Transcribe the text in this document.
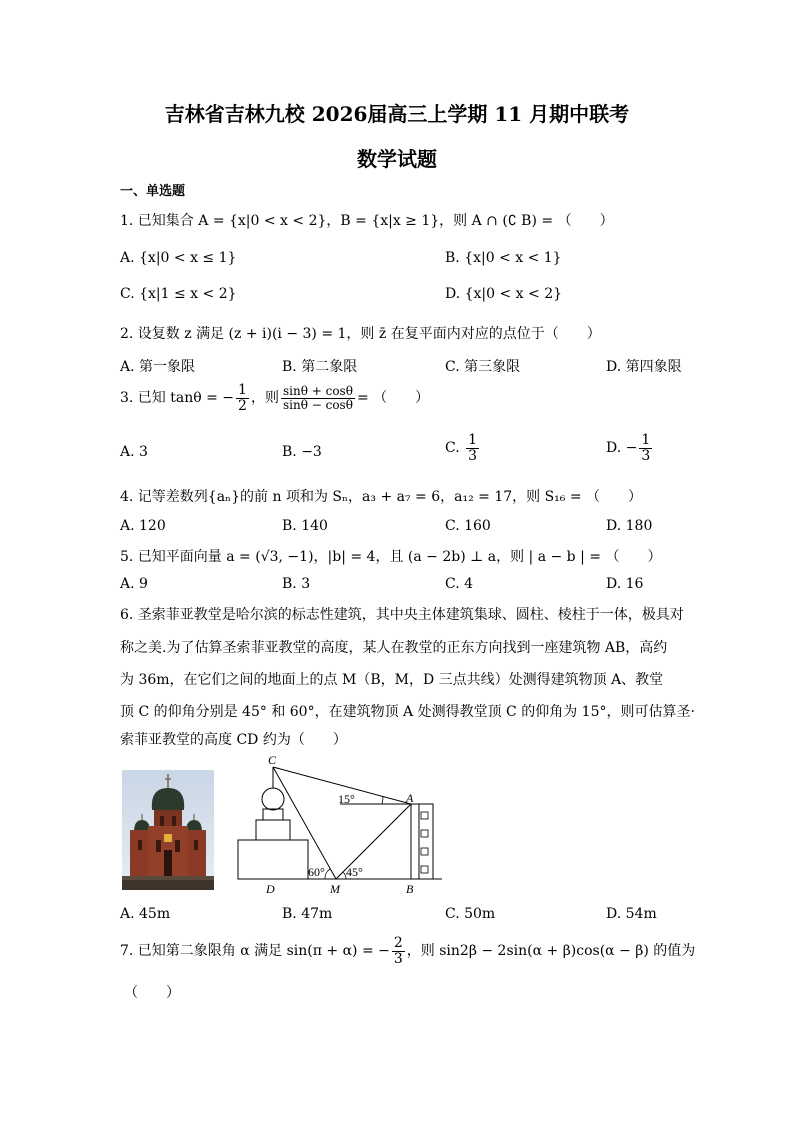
吉林省吉林九校 2026届高三上学期 11 月期中联考
数学试题
一、单选题
1. 已知集合 A = {x|0 < x < 2}，B = {x|x ≥ 1}，则 A ∩ (∁ B) = （　　）
A. {x|0 < x ≤ 1}	B. {x|0 < x < 1}
C. {x|1 ≤ x < 2}	D. {x|0 < x < 2}
2. 设复数 z 满足 (z + i)(i − 3) = 1，则 z̄ 在复平面内对应的点位于（　　）
A. 第一象限	B. 第二象限	C. 第三象限	D. 第四象限
3. 已知 tanθ = − $\frac{1}{2}$ ，则 $\frac{\sin\theta + \cos\theta}{\sin\theta - \cos\theta}$ = （　　）
A. 3	B. −3	C. $\frac{1}{3}$	D. − $\frac{1}{3}$
4. 记等差数列{aₙ}的前 n 项和为 Sₙ，a₃ + a₇ = 6，a₁₂ = 17，则 S₁₆ = （　　）
A. 120	B. 140	C. 160	D. 180
5. 已知平面向量 a = (√3, −1)，|b| = 4，且 (a − 2b) ⊥ a，则 | a − b | = （　　）
A. 9	B. 3	C. 4	D. 16
6. 圣索菲亚教堂是哈尔滨的标志性建筑，其中央主体建筑集球、圆柱、棱柱于一体，极具对
称之美.为了估算圣索菲亚教堂的高度，某人在教堂的正东方向找到一座建筑物 AB，高约
为 36m，在它们之间的地面上的点 M（B，M，D 三点共线）处测得建筑物顶 A、教堂
顶 C 的仰角分别是 45° 和 60°，在建筑物顶 A 处测得教堂顶 C 的仰角为 15°，则可估算圣·
索菲亚教堂的高度 CD 约为（　　）
C
A
D	M	B
15°
60° 45°
A. 45m	B. 47m	C. 50m	D. 54m
7. 已知第二象限角 α 满足 sin(π + α) = − $\frac{2}{3}$ ，则 sin2β − 2sin(α + β)cos(α − β) 的值为
（　　）
